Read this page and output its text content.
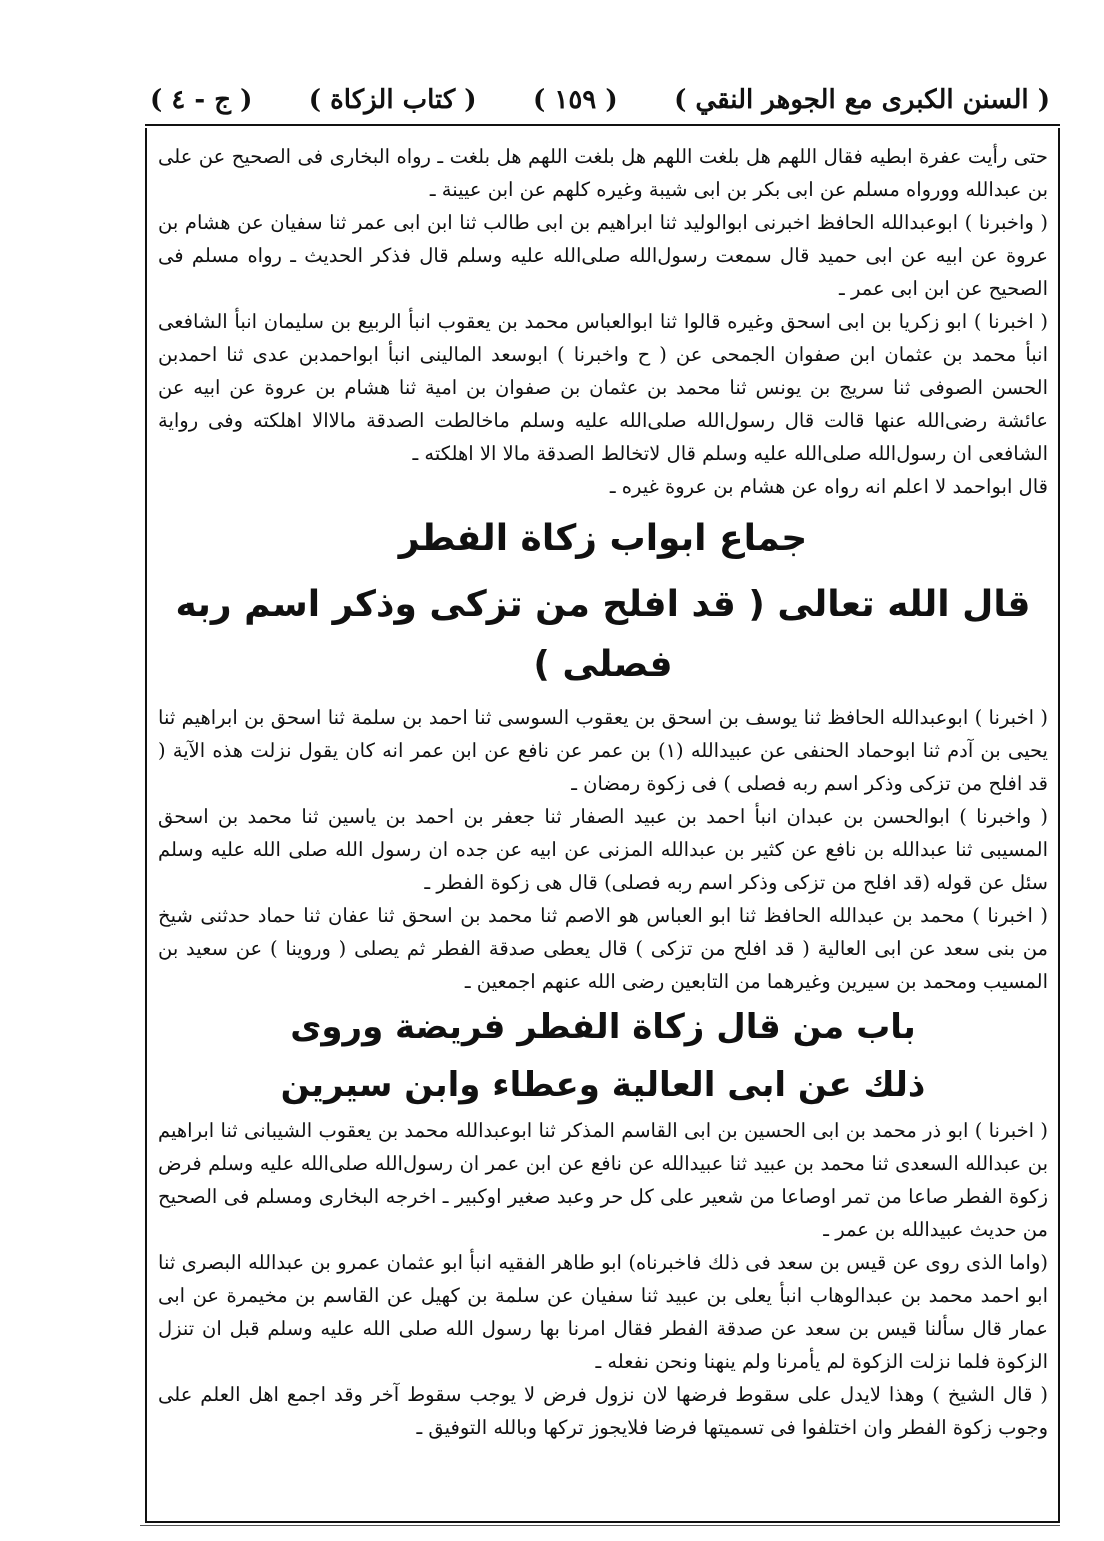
( السنن الكبرى مع الجوهر النقي )
( ١٥٩ )
( كتاب الزكاة )
( ج - ٤ )

حتى رأيت عفرة ابطيه فقال اللهم هل بلغت اللهم هل بلغت اللهم هل بلغت ـ رواه البخارى فى الصحيح عن على بن عبدالله وورواه مسلم عن ابى بكر بن ابى شيبة وغيره كلهم عن ابن عيينة ـ

( واخبرنا ) ابوعبدالله الحافظ اخبرنى ابوالوليد ثنا ابراهيم بن ابى طالب ثنا ابن ابى عمر ثنا سفيان عن هشام بن عروة عن ابيه عن ابى حميد قال سمعت رسول‌الله صلى‌الله عليه وسلم قال فذكر الحديث ـ رواه مسلم فى الصحيح عن ابن ابى عمر ـ

( اخبرنا ) ابو زكريا بن ابى اسحق وغيره قالوا ثنا ابوالعباس محمد بن يعقوب انبأ الربيع بن سليمان انبأ الشافعى انبأ محمد بن عثمان ابن صفوان الجمحى عن ( ح واخبرنا ) ابوسعد المالينى انبأ ابواحمدبن عدى ثنا احمدبن الحسن الصوفى ثنا سريج بن يونس ثنا محمد بن عثمان بن صفوان بن امية ثنا هشام بن عروة عن ابيه عن عائشة رضى‌الله عنها قالت قال رسول‌الله صلى‌الله عليه وسلم ماخالطت الصدقة مالاالا اهلكته وفى رواية الشافعى ان رسول‌الله صلى‌الله عليه وسلم قال لاتخالط الصدقة مالا الا اهلكته ـ

قال ابواحمد لا اعلم انه رواه عن هشام بن عروة غيره ـ

جماع ابواب زكاة الفطر
قال الله تعالى ( قد افلح من تزكى وذكر اسم ربه فصلى )

( اخبرنا ) ابوعبدالله الحافظ ثنا يوسف بن اسحق بن يعقوب السوسى ثنا احمد بن سلمة ثنا اسحق بن ابراهيم ثنا يحيى بن آدم ثنا ابوحماد الحنفى عن عبيدالله (١) بن عمر عن نافع عن ابن عمر انه كان يقول نزلت هذه الآية ( قد افلح من تزكى وذكر اسم ربه فصلى ) فى زكوة رمضان ـ

( واخبرنا ) ابوالحسن بن عبدان انبأ احمد بن عبيد الصفار ثنا جعفر بن احمد بن ياسين ثنا محمد بن اسحق المسيبى ثنا عبدالله بن نافع عن كثير بن عبدالله المزنى عن ابيه عن جده ان رسول الله صلى الله عليه وسلم سئل عن قوله (قد افلح من تزكى وذكر اسم ربه فصلى) قال هى زكوة الفطر ـ

( اخبرنا ) محمد بن عبدالله الحافظ ثنا ابو العباس هو الاصم ثنا محمد بن اسحق ثنا عفان ثنا حماد حدثنى شيخ من بنى سعد عن ابى العالية ( قد افلح من تزكى ) قال يعطى صدقة الفطر ثم يصلى ( وروينا ) عن سعيد بن المسيب ومحمد بن سيرين وغيرهما من التابعين رضى الله عنهم اجمعين ـ

باب من قال زكاة الفطر فريضة وروى
ذلك عن ابى العالية وعطاء وابن سيرين

( اخبرنا ) ابو ذر محمد بن ابى الحسين بن ابى القاسم المذكر ثنا ابوعبدالله محمد بن يعقوب الشيبانى ثنا ابراهيم بن عبدالله السعدى ثنا محمد بن عبيد ثنا عبيدالله عن نافع عن ابن عمر ان رسول‌الله صلى‌الله عليه وسلم فرض زكوة الفطر صاعا من تمر اوصاعا من شعير على كل حر وعبد صغير اوكبير ـ اخرجه البخارى ومسلم فى الصحيح من حديث عبيدالله بن عمر ـ

(واما الذى روى عن قيس بن سعد فى ذلك فاخبرناه) ابو طاهر الفقيه انبأ ابو عثمان عمرو بن عبدالله البصرى ثنا ابو احمد محمد بن عبدالوهاب انبأ يعلى بن عبيد ثنا سفيان عن سلمة بن كهيل عن القاسم بن مخيمرة عن ابى عمار قال سألنا قيس بن سعد عن صدقة الفطر فقال امرنا بها رسول الله صلى الله عليه وسلم قبل ان تنزل الزكوة فلما نزلت الزكوة لم يأمرنا ولم ينهنا ونحن نفعله ـ

( قال الشيخ ) وهذا لايدل على سقوط فرضها لان نزول فرض لا يوجب سقوط آخر وقد اجمع اهل العلم على وجوب زكوة الفطر وان اختلفوا فى تسميتها فرضا فلايجوز تركها وبالله التوفيق ـ
